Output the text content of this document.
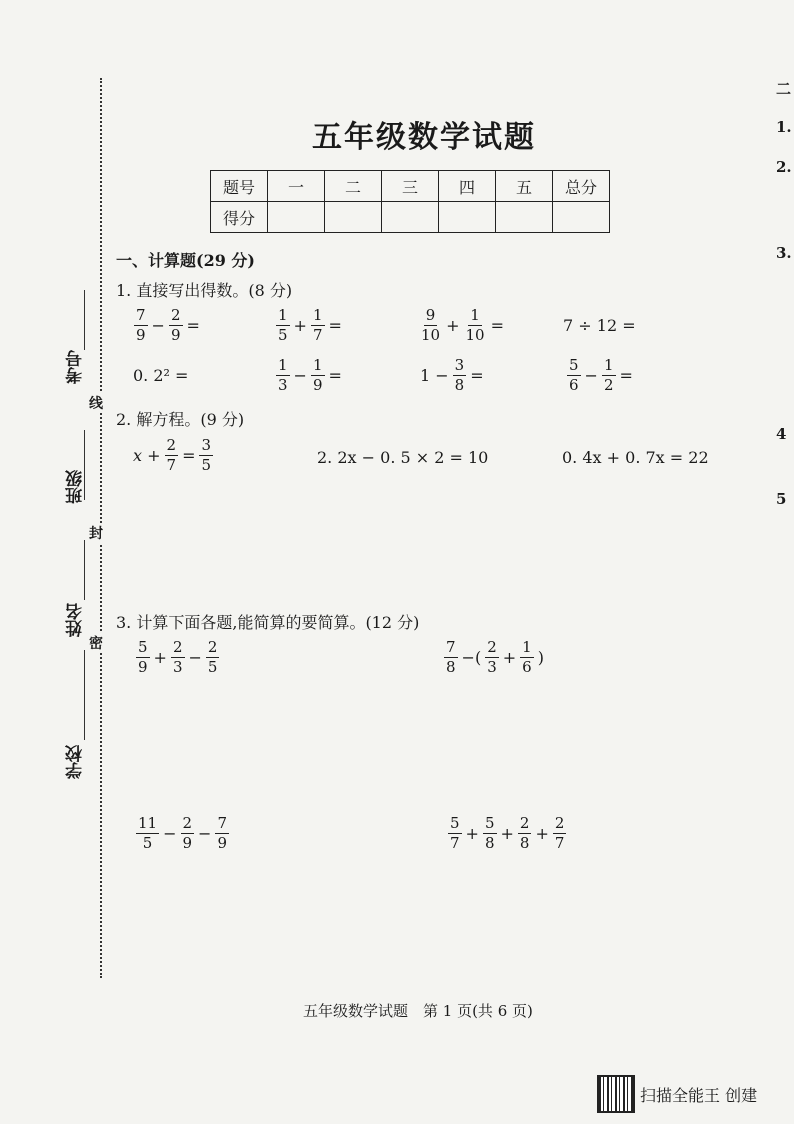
学校
姓名
班级
考号
密
封
线
五年级数学试题
题号	一	二	三	四	五	总分
得分						
一、计算题(29 分)
1. 直接写出得数。(8 分)
$\frac{7}{9} - \frac{2}{9}$ =	$\frac{1}{5} + \frac{1}{7}$ =	$\frac{9}{10} + \frac{1}{10}$ =	7 ÷ 12 =
0. 2² =	$\frac{1}{3} - \frac{1}{9}$ =	$1 - \frac{3}{8}$ =	$\frac{5}{6} - \frac{1}{2}$ =
2. 解方程。(9 分)
$x + \frac{2}{7} = \frac{3}{5}$	2. 2x − 0. 5 × 2 = 10	0. 4x + 0. 7x = 22
3. 计算下面各题,能简算的要简算。(12 分)
$\frac{5}{9} + \frac{2}{3} - \frac{2}{5}$	$\frac{7}{8}$ −( $\frac{2}{3} + \frac{1}{6}$ )
$\frac{11}{5} - \frac{2}{9} - \frac{7}{9}$	$\frac{5}{7} + \frac{5}{8} + \frac{2}{8} + \frac{2}{7}$
五年级数学试题　第 1 页(共 6 页)
二
1.
2.
3.
4
5
扫描全能王 创建
